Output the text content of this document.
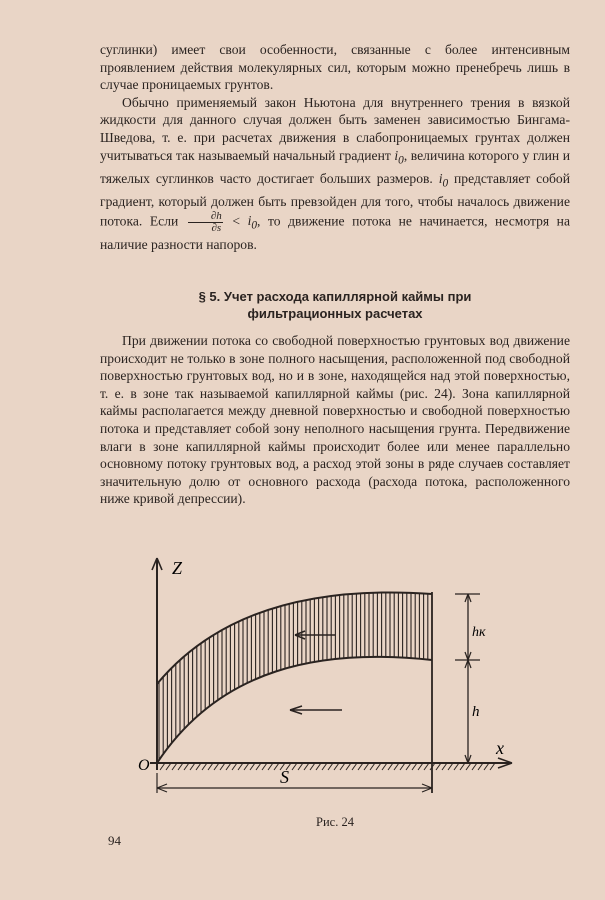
суглинки) имеет свои особенности, связанные с более интенсивным проявлением действия молекулярных сил, которым можно пренебречь лишь в случае проницаемых грунтов.

Обычно применяемый закон Ньютона для внутреннего трения в вязкой жидкости для данного случая должен быть заменен зависимостью Бингама-Шведова, т. е. при расчетах движения в слабопроницаемых грунтах должен учитываться так называемый начальный градиент $i_0$, величина которого у глин и тяжелых суглинков часто достигает больших размеров. $i_0$ представляет собой градиент, который должен быть превзойден для того, чтобы началось движение потока. Если $\frac{\partial h}{\partial s} < i_0$, то движение потока не начинается, несмотря на наличие разности напоров.

§ 5. Учет расхода капиллярной каймы при
фильтрационных расчетах

При движении потока со свободной поверхностью грунтовых вод движение происходит не только в зоне полного насыщения, расположенной под свободной поверхностью грунтовых вод, но и в зоне, находящейся над этой поверхностью, т. е. в зоне так называемой капиллярной каймы (рис. 24). Зона капиллярной каймы располагается между дневной поверхностью и свободной поверхностью потока и представляет собой зону неполного насыщения грунта. Передвижение влаги в зоне капиллярной каймы происходит более или менее параллельно основному потоку грунтовых вод, а расход этой зоны в ряде случаев составляет значительную долю от основного расхода (расхода потока, расположенного ниже кривой депрессии).

Z
x
O
hк
h
S
Рис. 24
94
